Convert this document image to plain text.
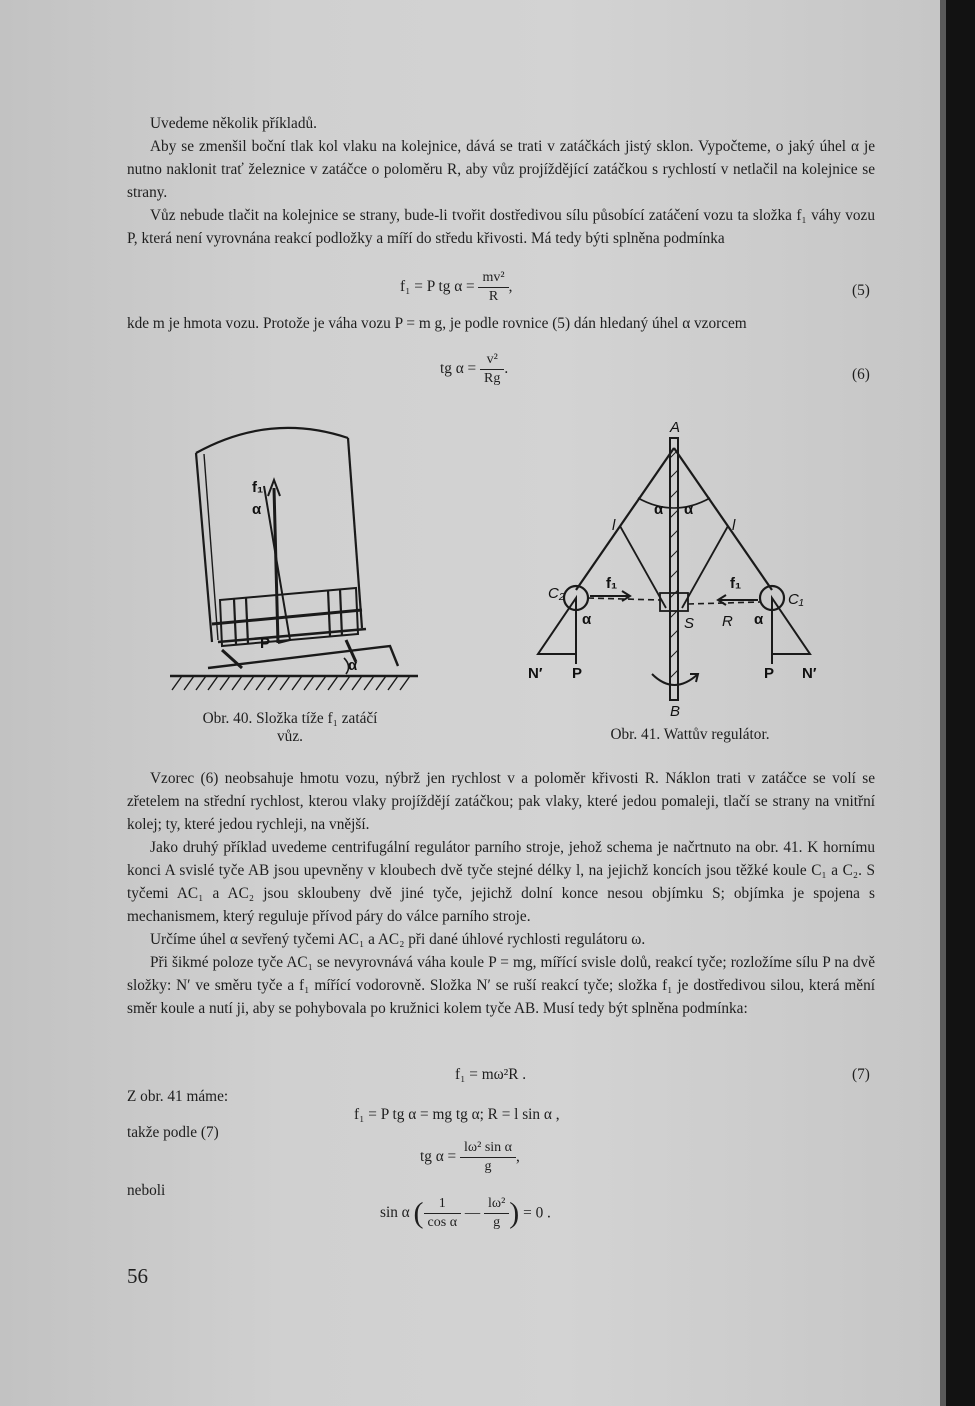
Uvedeme několik příkladů.

Aby se zmenšil boční tlak kol vlaku na kolejnice, dává se trati v zatáčkách jistý sklon. Vypočteme, o jaký úhel α je nutno naklonit trať železnice v zatáčce o poloměru R, aby vůz projíždějící zatáčkou s rychlostí v netlačil na kolejnice se strany.

Vůz nebude tlačit na kolejnice se strany, bude-li tvořit dostředivou sílu působící zatáčení vozu ta složka f₁ váhy vozu P, která není vyrovnána reakcí podložky a míří do středu křivosti. Má tedy býti splněna podmínka

f₁ = P tg $\alpha = \frac{\text{mv²}}{R}$ ,	(5)

kde m je hmota vozu. Protože je váha vozu P = m g, je podle rovnice (5) dán hledaný úhel α vzorcem

tg $\alpha = \frac{\text{v²}}{Rg}$ .	(6)
f₁
α
P
α
Obr. 40. Složka tíže f₁ zatáčí
vůz.
A
B
l	l
α α
C₂	C₁
f₁	f₁
S R
α	α
N′ P	P N′
Obr. 41. Wattův regulátor.

Vzorec (6) neobsahuje hmotu vozu, nýbrž jen rychlost v a poloměr křivosti R. Náklon trati v zatáčce se volí se zřetelem na střední rychlost, kterou vlaky projíždějí zatáčkou; pak vlaky, které jedou pomaleji, tlačí se strany na vnitřní kolej; ty, které jedou rychleji, na vnější.

Jako druhý příklad uvedeme centrifugální regulátor parního stroje, jehož schema je načrtnuto na obr. 41. K hornímu konci A svislé tyče AB jsou upevněny v kloubech dvě tyče stejné délky l, na jejichž koncích jsou těžké koule C₁ a C₂. S tyčemi AC₁ a AC₂ jsou skloubeny dvě jiné tyče, jejichž dolní konce nesou objímku S; objímka je spojena s mechanismem, který reguluje přívod páry do válce parního stroje.

Určíme úhel α sevřený tyčemi AC₁ a AC₂ při dané úhlové rychlosti regulátoru ω.

Při šikmé poloze tyče AC₁ se nevyrovnává váha koule P = mg, mířící svisle dolů, reakcí tyče; rozložíme sílu P na dvě složky: N′ ve směru tyče a f₁ mířící vodorovně. Složka N′ se ruší reakcí tyče; složka f₁ je dostředivou silou, která mění směr koule a nutí ji, aby se pohybovala po kružnici kolem tyče AB. Musí tedy být splněna podmínka:

f₁ = mω²R .	(7)
Z obr. 41 máme:
f₁ = P tg α = mg tg α; R = l sin α ,
takže podle (7)
tg $\alpha = \frac{\text{lω² sin α}}{g}$ ,
neboli
sin α ( $\frac{1}{\text{cos α}}$ — $\frac{\text{lω²}}{g}$ ) = 0 .
56
